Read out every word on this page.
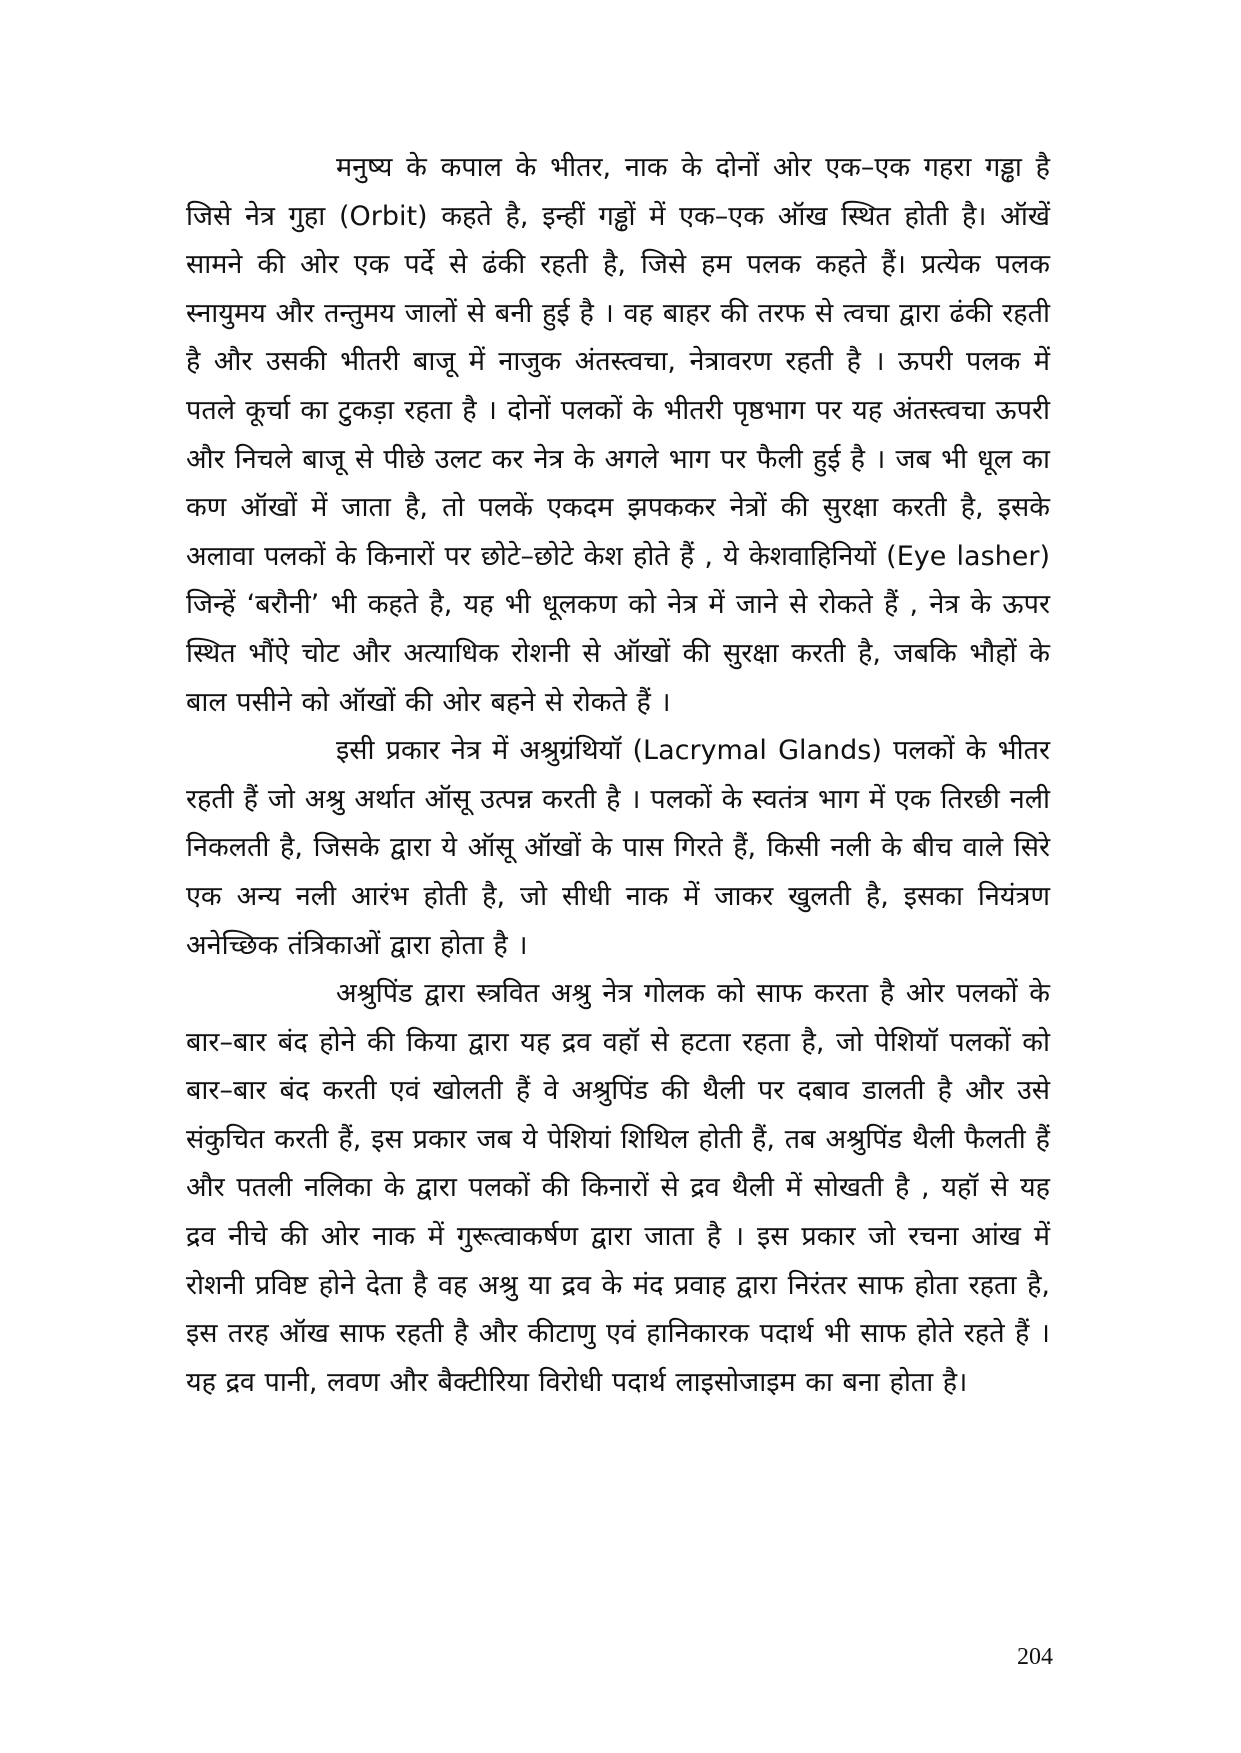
मनुष्य के कपाल के भीतर, नाक के दोनों ओर एक–एक गहरा गड्ढा है जिसे नेत्र गुहा (Orbit) कहते है, इन्हीं गड्ढों में एक–एक ऑख स्थित होती है। ऑखें सामने की ओर एक पर्दे से ढंकी रहती है, जिसे हम पलक कहते हैं। प्रत्येक पलक स्नायुमय और तन्तुमय जालों से बनी हुई है । वह बाहर की तरफ से त्वचा द्वारा ढंकी रहती है और उसकी भीतरी बाजू में नाजुक अंतस्त्वचा, नेत्रावरण रहती है । ऊपरी पलक में पतले कूर्चा का टुकड़ा रहता है । दोनों पलकों के भीतरी पृष्ठभाग पर यह अंतस्त्वचा ऊपरी और निचले बाजू से पीछे उलट कर नेत्र के अगले भाग पर फैली हुई है । जब भी धूल का कण ऑखों में जाता है, तो पलकें एकदम झपककर नेत्रों की सुरक्षा करती है, इसके अलावा पलकों के किनारों पर छोटे–छोटे केश होते हैं , ये केशवाहिनियों (Eye lasher) जिन्हें ‘बरौनी’ भी कहते है, यह भी धूलकण को नेत्र में जाने से रोकते हैं , नेत्र के ऊपर स्थित भौंऐ चोट और अत्याधिक रोशनी से ऑखों की सुरक्षा करती है, जबकि भौहों के बाल पसीने को ऑखों की ओर बहने से रोकते हैं ।

इसी प्रकार नेत्र में अश्रुग्रंथियॉ (Lacrymal Glands) पलकों के भीतर रहती हैं जो अश्रु अर्थात ऑसू उत्पन्न करती है । पलकों के स्वतंत्र भाग में एक तिरछी नली निकलती है, जिसके द्वारा ये ऑसू ऑखों के पास गिरते हैं, किसी नली के बीच वाले सिरे एक अन्य नली आरंभ होती है, जो सीधी नाक में जाकर खुलती है, इसका नियंत्रण अनेच्छिक तंत्रिकाओं द्वारा होता है ।

अश्रुपिंड द्वारा स्त्रवित अश्रु नेत्र गोलक को साफ करता है ओर पलकों के बार–बार बंद होने की किया द्वारा यह द्रव वहॉ से हटता रहता है, जो पेशियॉ पलकों को बार–बार बंद करती एवं खोलती हैं वे अश्रुपिंड की थैली पर दबाव डालती है और उसे संकुचित करती हैं, इस प्रकार जब ये पेशियां शिथिल होती हैं, तब अश्रुपिंड थैली फैलती हैं और पतली नलिका के द्वारा पलकों की किनारों से द्रव थैली में सोखती है , यहॉ से यह द्रव नीचे की ओर नाक में गुरूत्वाकर्षण द्वारा जाता है । इस प्रकार जो रचना आंख में रोशनी प्रविष्ट होने देता है वह अश्रु या द्रव के मंद प्रवाह द्वारा निरंतर साफ होता रहता है, इस तरह ऑख साफ रहती है और कीटाणु एवं हानिकारक पदार्थ भी साफ होते रहते हैं । यह द्रव पानी, लवण और बैक्टीरिया विरोधी पदार्थ लाइसोजाइम का बना होता है।

204
